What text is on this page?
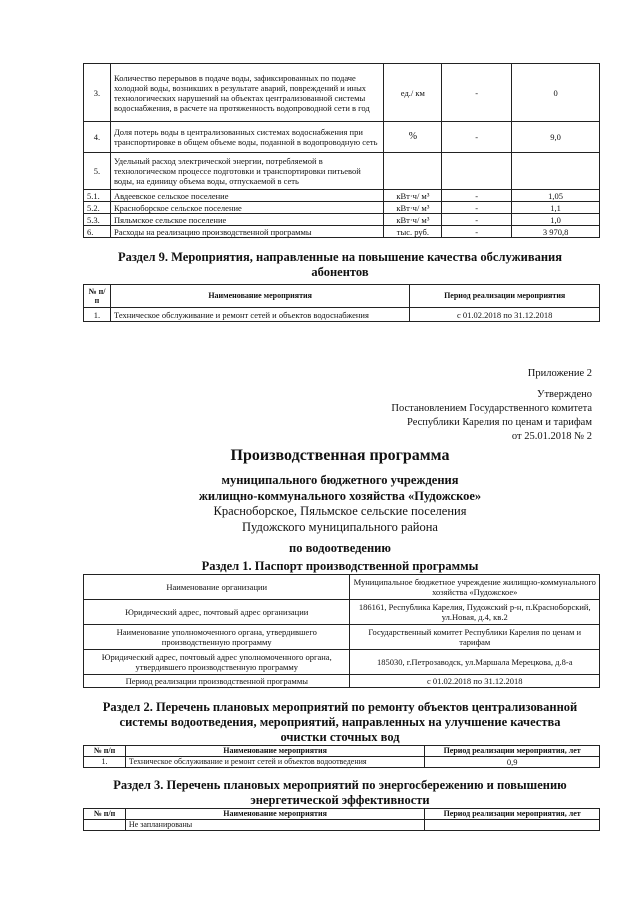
3.	Количество перерывов в подаче воды, зафиксированных по подаче холодной воды, возникших в результате аварий, повреждений и иных технологических нарушений на объектах централизованной системы водоснабжения, в расчете на протяженность водопроводной сети в год	ед./ км	-	0
4.	Доля потерь воды в централизованных системах водоснабжения при транспортировке в общем объеме воды, поданной в водопроводную сеть	%	-	9,0
5.	Удельный расход электрической энергии, потребляемой в технологическом процессе подготовки и транспортировки питьевой воды, на единицу объема воды, отпускаемой в сеть			
5.1.	Авдеевское сельское поселение	кВт·ч/ м³	-	1,05
5.2.	Красноборское сельское поселение	кВт·ч/ м³	-	1,1
5.3.	Пяльмское сельское поселение	кВт·ч/ м³	-	1,0
6.	Расходы на реализацию производственной программы	тыс. руб.	-	3 970,8
Раздел 9. Мероприятия, направленные на повышение качества обслуживания абонентов
№ п/п	Наименование мероприятия	Период реализации мероприятия
1.	Техническое обслуживание и ремонт сетей и объектов водоснабжения	с 01.02.2018 по 31.12.2018
Приложение 2
Утверждено
Постановлением Государственного комитета
Республики Карелия по ценам и тарифам
от 25.01.2018 № 2
Производственная программа
муниципального бюджетного учреждения
жилищно-коммунального хозяйства «Пудожское»
Красноборское, Пяльмское сельские поселения
Пудожского муниципального района
по водоотведению
Раздел 1. Паспорт производственной программы
Наименование организации	Муниципальное бюджетное учреждение жилищно-коммунального хозяйства «Пудожское»
Юридический адрес, почтовый адрес организации	186161, Республика Карелия, Пудожский р-н, п.Красноборский, ул.Новая, д.4, кв.2
Наименование уполномоченного органа, утвердившего производственную программу	Государственный комитет Республики Карелия по ценам и тарифам
Юридический адрес, почтовый адрес уполномоченного органа, утвердившего производственную программу	185030, г.Петрозаводск, ул.Маршала Мерецкова, д.8-а
Период реализации производственной программы	с 01.02.2018 по 31.12.2018
Раздел 2. Перечень плановых мероприятий по ремонту объектов централизованной
системы водоотведения, мероприятий, направленных на улучшение качества
очистки сточных вод
№ п/п	Наименование мероприятия	Период реализации мероприятия, лет
1.	Техническое обслуживание и ремонт сетей и объектов водоотведения	0,9
Раздел 3. Перечень плановых мероприятий по энергосбережению и повышению
энергетической эффективности
№ п/п	Наименование мероприятия	Период реализации мероприятия, лет
	Не запланированы	
